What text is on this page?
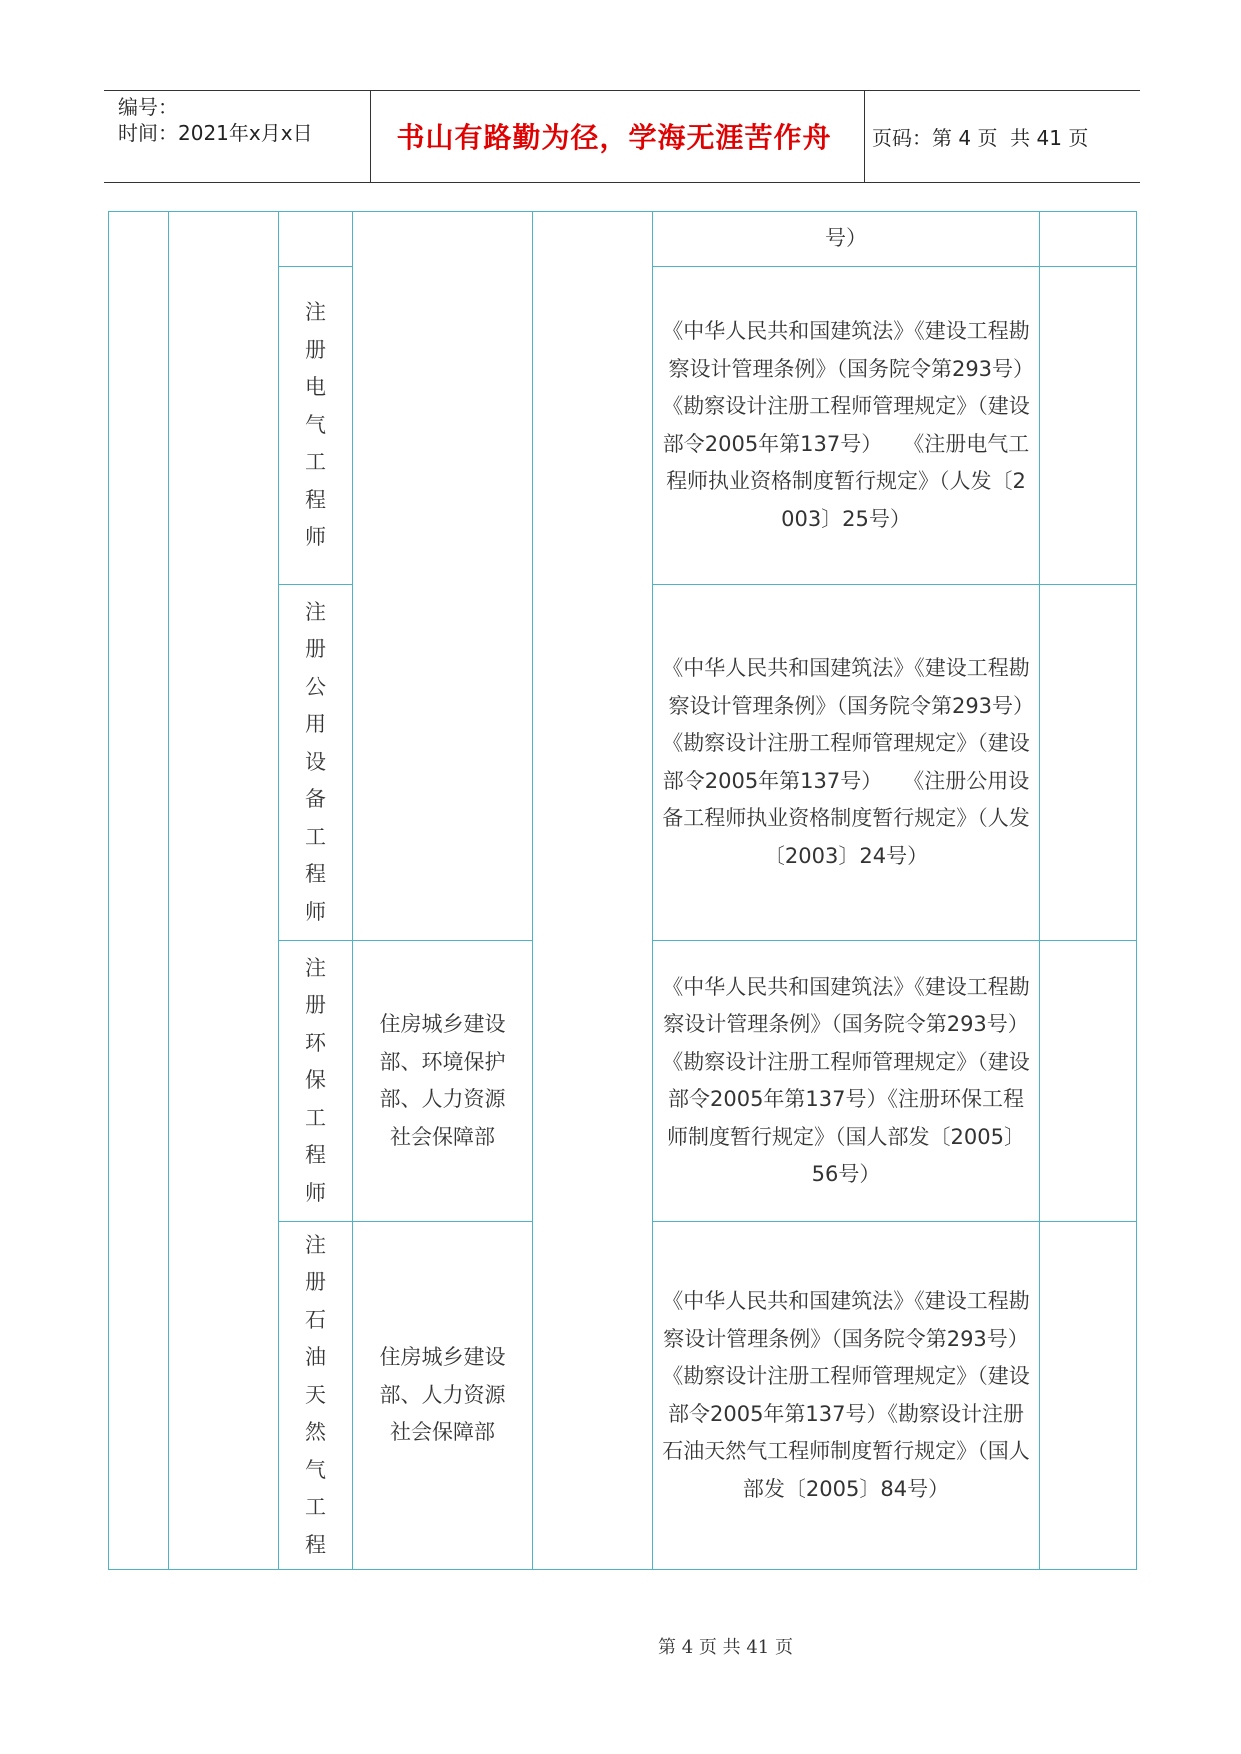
编号：
时间：2021年x月x日	书山有路勤为径，学海无涯苦作舟	页码：第 4 页  共 41 页

					号）	

		注册电气工程师			《中华人民共和国建筑法》《建设工程勘察设计管理条例》（国务院令第293号）　　《勘察设计注册工程师管理规定》（建设部令2005年第137号）　　《注册电气工程师执业资格制度暂行规定》（人发〔2003〕25号）	

		注册公用设备工程师			《中华人民共和国建筑法》《建设工程勘察设计管理条例》（国务院令第293号）　　《勘察设计注册工程师管理规定》（建设部令2005年第137号）　　《注册公用设备工程师执业资格制度暂行规定》（人发〔2003〕24号）	

		注册环保工程师	住房城乡建设部、环境保护部、人力资源社会保障部		《中华人民共和国建筑法》《建设工程勘察设计管理条例》（国务院令第293号）《勘察设计注册工程师管理规定》（建设部令2005年第137号）《注册环保工程师制度暂行规定》（国人部发〔2005〕56号）	

		注册石油天然气工程	住房城乡建设部、人力资源社会保障部		《中华人民共和国建筑法》《建设工程勘察设计管理条例》（国务院令第293号）《勘察设计注册工程师管理规定》（建设部令2005年第137号）《勘察设计注册石油天然气工程师制度暂行规定》（国人部发〔2005〕84号）	

第 4 页 共 41 页
